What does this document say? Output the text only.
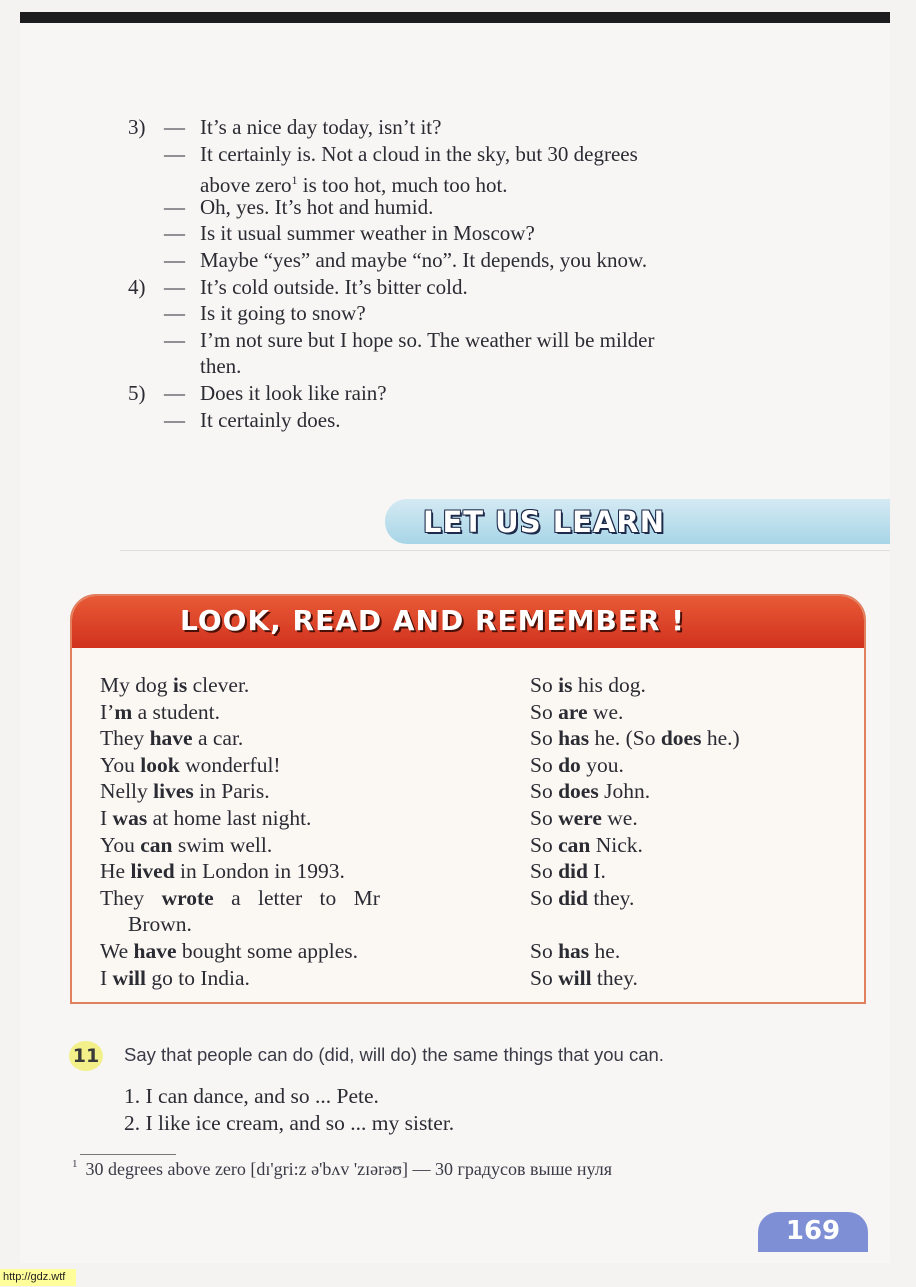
3) — It’s a nice day today, isn’t it?
— It certainly is. Not a cloud in the sky, but 30 degrees
above zero$^1$ is too hot, much too hot.
— Oh, yes. It’s hot and humid.
— Is it usual summer weather in Moscow?
— Maybe “yes” and maybe “no”. It depends, you know.
4) — It’s cold outside. It’s bitter cold.
— Is it going to snow?
— I’m not sure but I hope so. The weather will be milder
then.
5) — Does it look like rain?
— It certainly does.
LET US LEARN
LOOK, READ AND REMEMBER !
My dog is clever.	So is his dog.
I’m a student.	So are we.
They have a car.	So has he. (So does he.)
You look wonderful!	So do you.
Nelly lives in Paris.	So does John.
I was at home last night.	So were we.
You can swim well.	So can Nick.
He lived in London in 1993.	So did I.
They wrote a letter to Mr	So did they.
Brown.
We have bought some apples.	So has he.
I will go to India.	So will they.
11 Say that people can do (did, will do) the same things that you can.
1. I can dance, and so ... Pete.
2. I like ice cream, and so ... my sister.
$^1$ 30 degrees above zero [dɪ'gri:z ə'bʌv 'zɪərəʊ] — 30 градусов выше нуля
169
http://gdz.wtf
